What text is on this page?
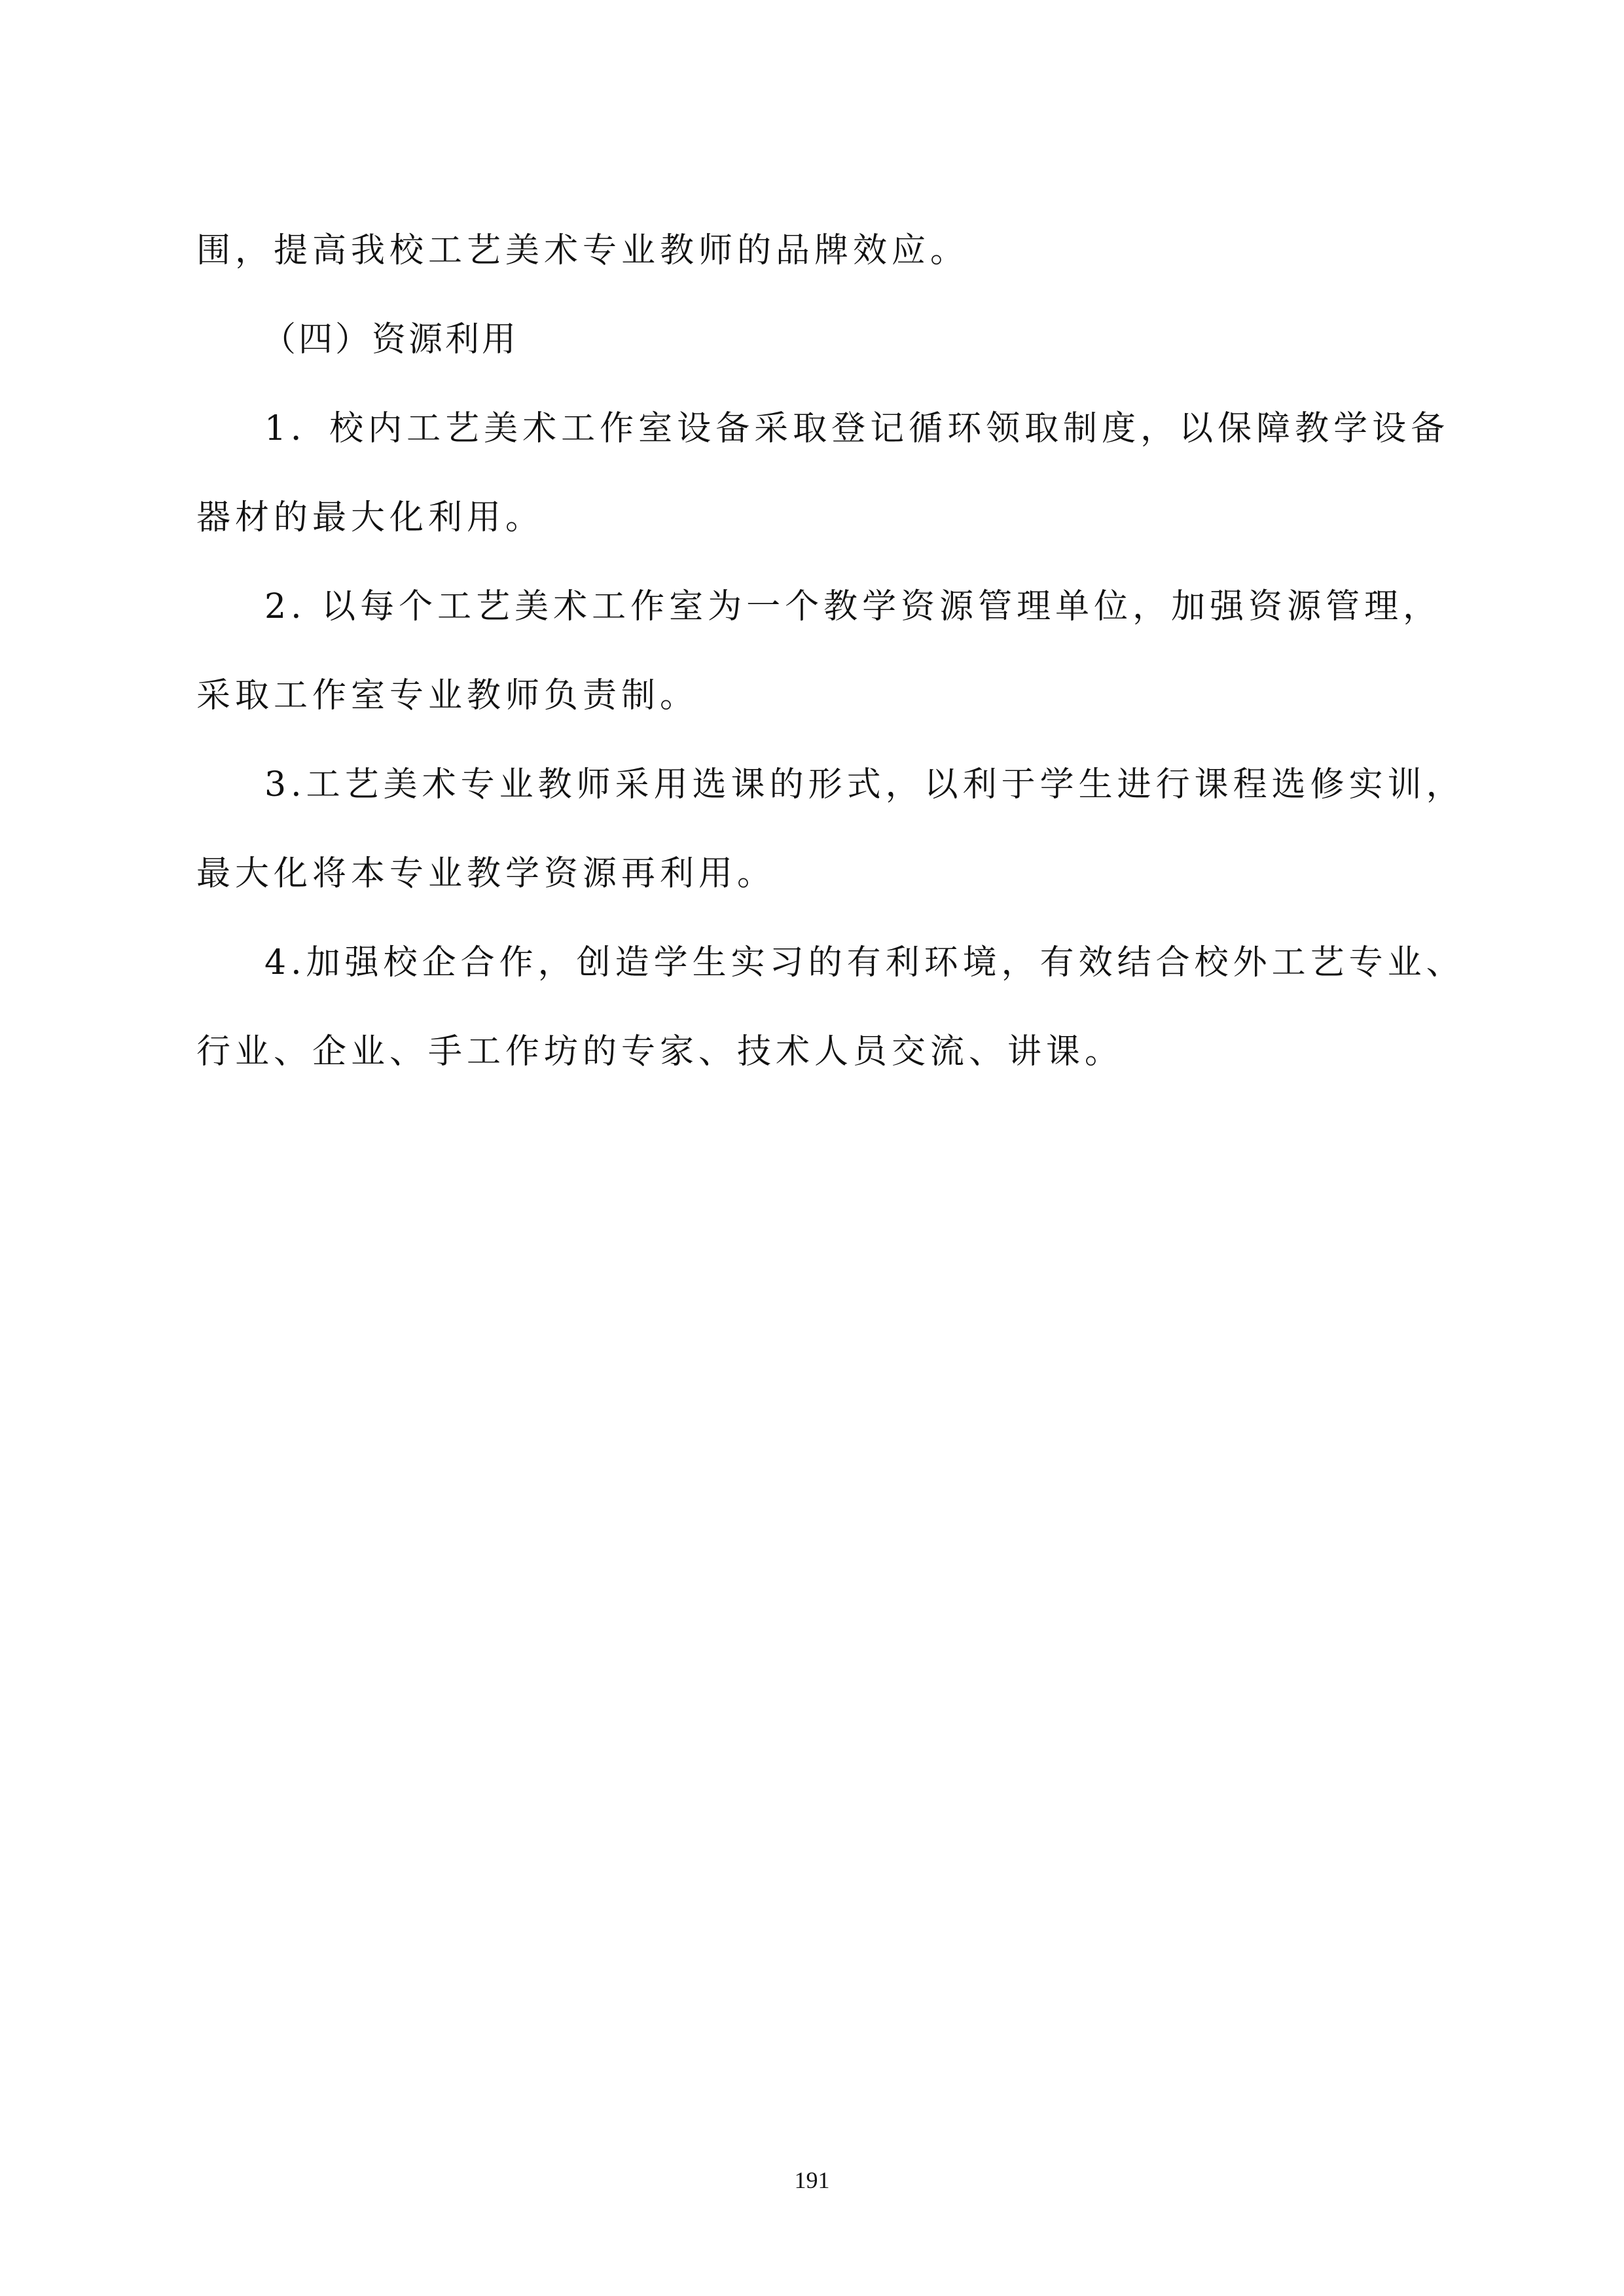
围，提高我校工艺美术专业教师的品牌效应。
（四）资源利用
1．校内工艺美术工作室设备采取登记循环领取制度，以保障教学设备
器材的最大化利用。
2. 以每个工艺美术工作室为一个教学资源管理单位，加强资源管理，
采取工作室专业教师负责制。
3.工艺美术专业教师采用选课的形式，以利于学生进行课程选修实训，
最大化将本专业教学资源再利用。
4.加强校企合作，创造学生实习的有利环境，有效结合校外工艺专业、
行业、企业、手工作坊的专家、技术人员交流、讲课。
191
